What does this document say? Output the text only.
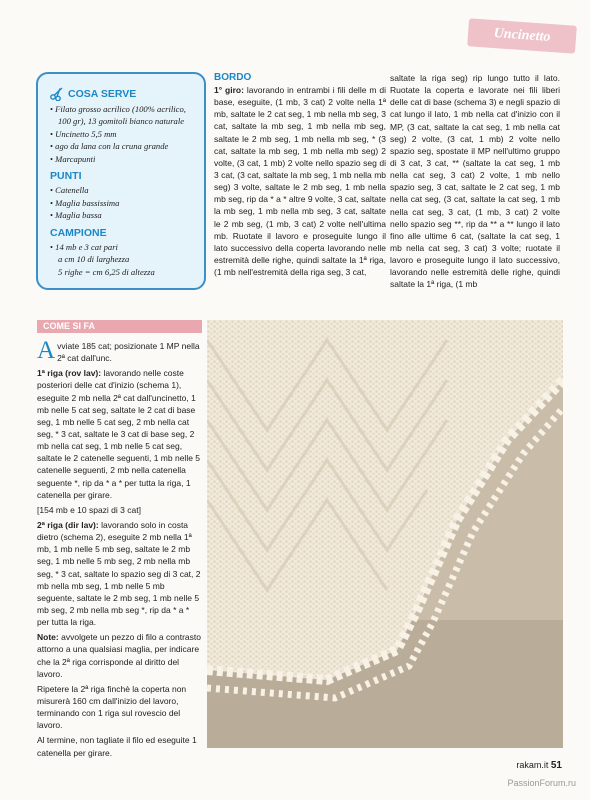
Uncinetto
COSA SERVE
• Filato grosso acrilico (100% acrilico,
100 gr), 13 gomitoli bianco naturale
• Uncinetto 5,5 mm
• ago da lana con la cruna grande
• Marcapunti
PUNTI
• Catenella
• Maglia bassissima
• Maglia bassa
CAMPIONE
• 14 mb e 3 cat pari
a cm 10 di larghezza
5 righe = cm 6,25 di altezza
BORDO

1° giro: lavorando in entrambi i fili delle m di base, eseguite, (1 mb, 3 cat) 2 volte nella 1ª mb, saltate le 2 cat seg, 1 mb nella mb seg, 3 cat, saltate la mb seg, 1 mb nella mb seg, saltate le 2 mb seg, 1 mb nella mb seg, * (3 cat, saltate la mb seg, 1 mb nella mb seg) 2 volte, (3 cat, 1 mb) 2 volte nello spazio seg di 3 cat, (3 cat, saltate la mb seg, 1 mb nella mb seg) 3 volte, saltate le 2 mb seg, 1 mb nella mb seg, rip da * a * altre 9 volte, 3 cat, saltate la mb seg, 1 mb nella mb seg, 3 cat, saltate le 2 mb seg, (1 mb, 3 cat) 2 volte nell'ultima mb. Ruotate il lavoro e proseguite lungo il lato successivo della coperta lavorando nelle estremità delle righe, quindi saltate la 1ª riga, (1 mb nell'estremità della riga seg, 3 cat,

saltate la riga seg) rip lungo tutto il lato. Ruotate la coperta e lavorate nei fili liberi delle cat di base (schema 3) e negli spazio di cat lungo il lato, 1 mb nella cat d'inizio con il MP, (3 cat, saltate la cat seg, 1 mb nella cat seg) 2 volte, (3 cat, 1 mb) 2 volte nello spazio seg, spostate il MP nell'ultimo gruppo di 3 cat, 3 cat, ** (saltate la cat seg, 1 mb nella cat seg, 3 cat) 2 volte, 1 mb nello spazio seg, 3 cat, saltate le 2 cat seg, 1 mb nella cat seg, (3 cat, saltate la cat seg, 1 mb nella cat seg, 3 cat, (1 mb, 3 cat) 2 volte nello spazio seg **, rip da ** a ** lungo il lato fino alle ultime 6 cat, (saltate la cat seg, 1 mb nella cat seg, 3 cat) 3 volte; ruotate il lavoro e proseguite lungo il lato successivo, lavorando nelle estremità delle righe, quindi saltate la 1ª riga, (1 mb

COME SI FA

Avviate 185 cat; posizionate 1 MP nella 2ª cat dall'unc.

1ª riga (rov lav): lavorando nelle coste posteriori delle cat d'inizio (schema 1), eseguite 2 mb nella 2ª cat dall'uncinetto, 1 mb nelle 5 cat seg, saltate le 2 cat di base seg, 1 mb nelle 5 cat seg, 2 mb nella cat seg, * 3 cat, saltate le 3 cat di base seg, 2 mb nella cat seg, 1 mb nelle 5 cat seg, saltate le 2 catenelle seguenti, 1 mb nelle 5 catenelle seguenti, 2 mb nella catenella seguente *, rip da * a * per tutta la riga, 1 catenella per girare.

[154 mb e 10 spazi di 3 cat]

2ª riga (dir lav): lavorando solo in costa dietro (schema 2), eseguite 2 mb nella 1ª mb, 1 mb nelle 5 mb seg, saltate le 2 mb seg, 1 mb nelle 5 mb seg, 2 mb nella mb seg, * 3 cat, saltate lo spazio seg di 3 cat, 2 mb nella mb seg, 1 mb nelle 5 mb seguente, saltate le 2 mb seg, 1 mb nelle 5 mb seg, 2 mb nella mb seg *, rip da * a * per tutta la riga.

Note: avvolgete un pezzo di filo a contrasto attorno a una qualsiasi maglia, per indicare che la 2ª riga corrisponde al diritto del lavoro.

Ripetere la 2ª riga finchè la coperta non misurerà 160 cm dall'inizio del lavoro, terminando con 1 riga sul rovescio del lavoro.

Al termine, non tagliate il filo ed eseguite 1 catenella per girare.

rakam.it 51
PassionForum.ru
